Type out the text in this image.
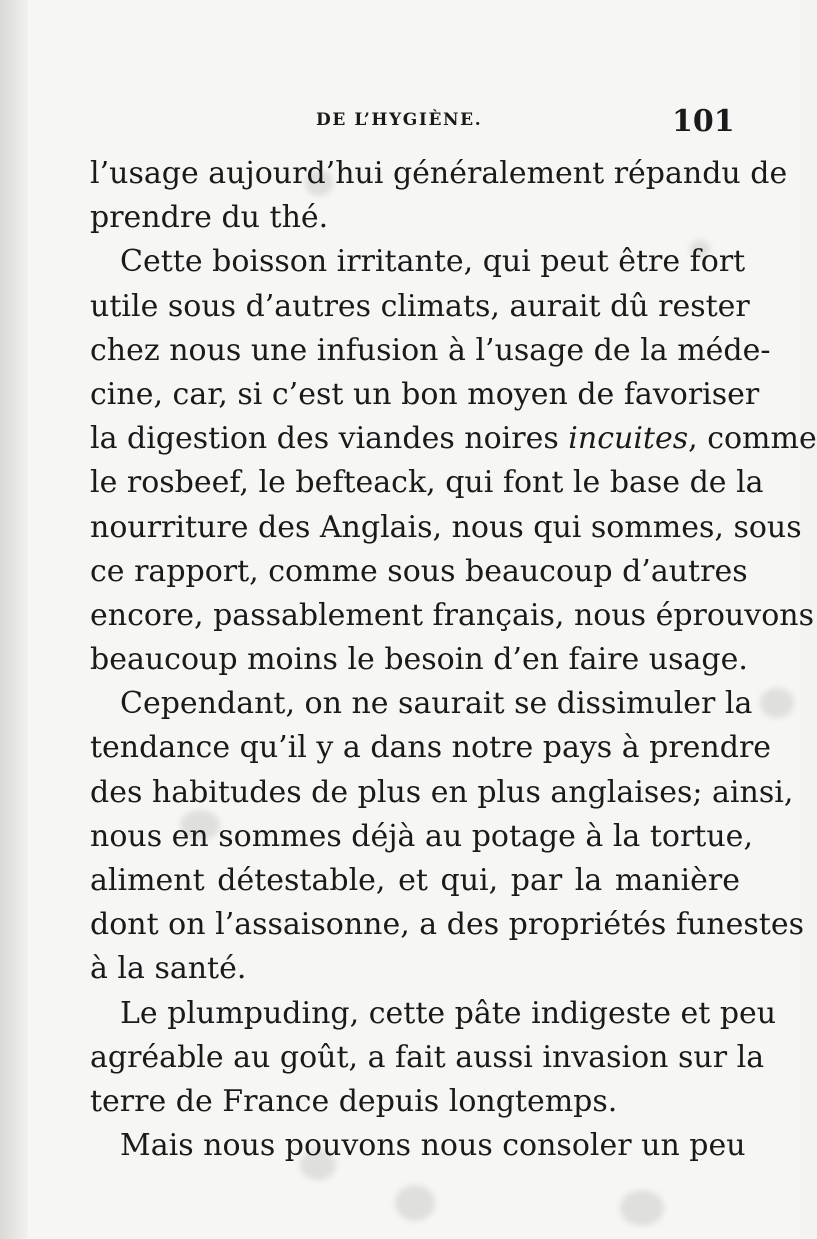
DE L’HYGIÈNE.	101
l’usage aujourd’hui généralement répandu de
prendre du thé.
Cette boisson irritante, qui peut être fort
utile sous d’autres climats, aurait dû rester
chez nous une infusion à l’usage de la méde-
cine, car, si c’est un bon moyen de favoriser
la digestion des viandes noires incuites, comme
le rosbeef, le befteack, qui font le base de la
nourriture des Anglais, nous qui sommes, sous
ce rapport, comme sous beaucoup d’autres
encore, passablement français, nous éprouvons
beaucoup moins le besoin d’en faire usage.
Cependant, on ne saurait se dissimuler la
tendance qu’il y a dans notre pays à prendre
des habitudes de plus en plus anglaises; ainsi,
nous en sommes déjà au potage à la tortue,
aliment détestable, et qui, par la manière
dont on l’assaisonne, a des propriétés funestes
à la santé.
Le plumpuding, cette pâte indigeste et peu
agréable au goût, a fait aussi invasion sur la
terre de France depuis longtemps.
Mais nous pouvons nous consoler un peu
